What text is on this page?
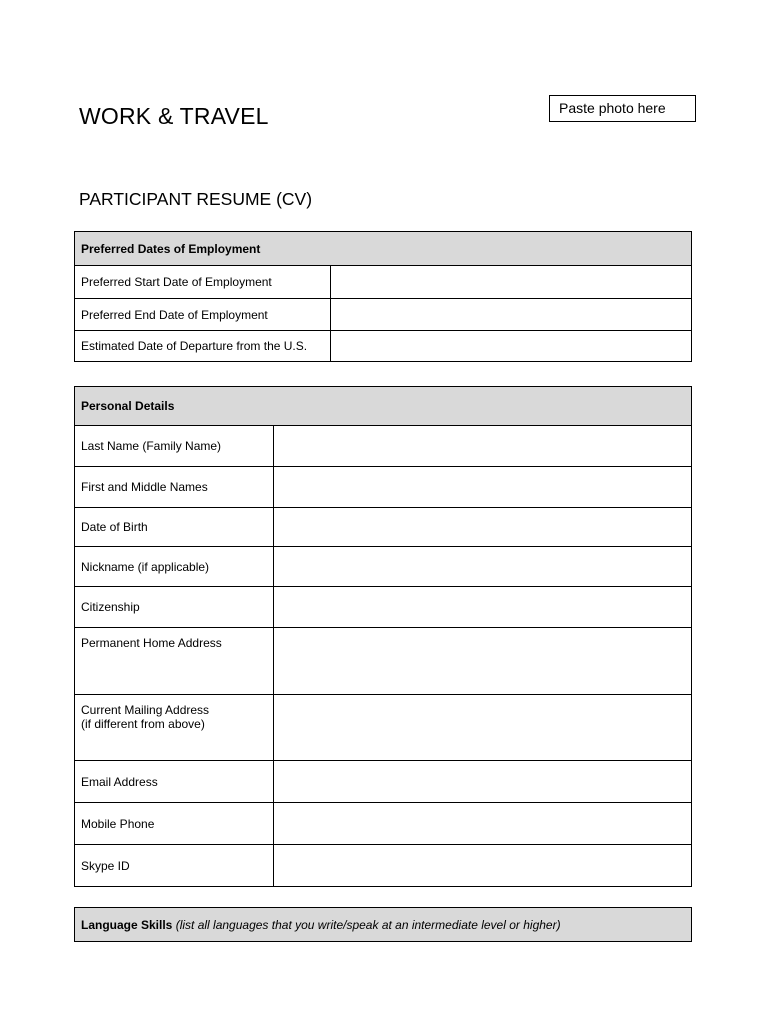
WORK & TRAVEL	Paste photo here
PARTICIPANT RESUME (CV)
Preferred Dates of Employment	
Preferred Start Date of Employment	
Preferred End Date of Employment	
Estimated Date of Departure from the U.S.	
Personal Details	
Last Name (Family Name)	
First and Middle Names	
Date of Birth	
Nickname (if applicable)	
Citizenship	
Permanent Home Address	

Current Mailing Address
(if different from above)	

Email Address	
Mobile Phone	
Skype ID	
Language Skills (list all languages that you write/speak at an intermediate level or higher)
